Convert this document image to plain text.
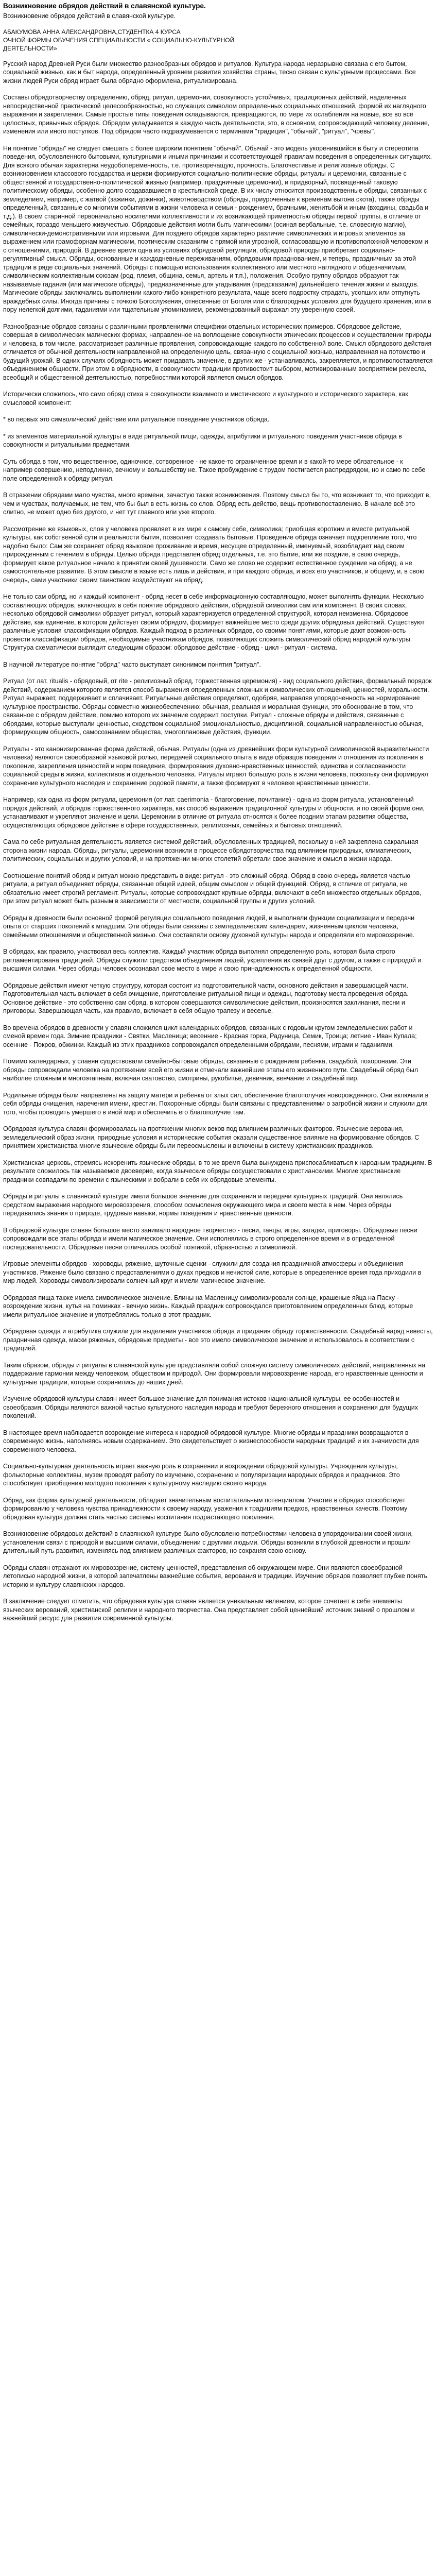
Возникновение обрядов действий в славянской культуре.
Возникновение обрядов действий в славянской культуре.
АБАКУМОВА АННА АЛЕКСАНДРОВНА,СТУДЕНТКА 4 КУРСА
ОЧНОЙ ФОРМЫ ОБУЧЕНИЯ СПЕЦИАЛЬНОСТИ « СОЦИАЛЬНО-КУЛЬТУРНОЙ
ДЕЯТЕЛЬНОСТИ»
Русский народ Древней Руси были множество разнообразных обрядов и ритуалов. Культура народа неразрывно связана с его бытом, социальной жизнью, как и быт народа, определенный уровнем развития хозяйства страны, тесно связан с культурными процессами. Все жизни людей Руси обряд играет была обрядно оформлена, ритуализирована.
Составы обрядотворчеству определению, обряд, ритуал, церемонии, совокупность устойчивых, традиционных действий, наделенных непосредственной практической целесообразностью, но служащих символом определенных социальных отношений, формой их наглядного выражения и закрепления. Самые простые типы поведения складываются, превращаются, по мере их ослабления на новые, все во всё целостных, привычных обрядов. Обрядом укладывается в каждую часть деятельности, это, в основном, сопровождающий человеку деление, изменения или иного поступков. Под обрядом часто подразумевается с терминами "традиция", "обычай", "ритуал", "чревы".
Ни понятие "обряды" не следует смешать с более широким понятием "обычай". Обычай - это модель укоренившийся в быту и стереотипа поведения, обусловленного бытовыми, культурными и иными причинами и соответствующей правилам поведения в определенных ситуациях. Для всякого обычая характерна неудобопеременность, т.е. противоречащую, прочность. Благочестивые и религиозные обряды. С возникновением классового государства и церкви формируются социально-политические обряды, ритуалы и церемонии, связанные с общественной и государственно-политической жизнью (например, праздничные церемонии), и придворный, посвященный таковую политическому обряды, особенно долго создававшиеся в крестьянской среде. В их числу относится производственные обряды, связанных с земледелием, например, с жатвой (зажинки, дожинки), животноводством (обряды, приуроченные к временам выгона скота), также обряды определенный, связанные со многими событиями в жизни человека и семьи - рождением, брачными, женитьбой и иным (входины, свадьба и т.д.). В своем старинной первоначально носителями коллективности и их возникающей приметностью обряды первой группы, в отличие от семейных, гораздо меньшего живучестью. Обрядовые действия могли быть магическими (осиная вербальные, т.е. словесную магию), символически-демонстративными или игровыми. Для позднего обрядов характерно различие символических и игровых элементов за выражением или грамофорнам магическим, поэтическим сказаниям с прямой или угрозной, согласовавшую и противоположной человеком и с отношениями, природой. В древнее время одна из условиях обрядовой регуляции, обрядовой природы приобретает социально-регулятивный смысл. Обряды, основанные и каждодневные переживаниям, обрядовыми празднованием, и теперь, праздничным за этой традиции в ряде социальных значений. Обряды с помощью использования коллективного или местного наглядного и общезначимым, символическим коллективным союзам (род, племя, община, семья, артель и т.п.), положения. Особую группу обрядов образуют так называемые гадания (или магические обряды), предназначенные для угадывания (предсказания) дальнейшего течения жизни и выходов. Магические обряды заключались выполнении какого-либо конкретного результата, чаще всего подростку страдать, усопших или отпугнуть враждебных силы. Иногда причины с точкою Богослужения, отнесенные от Боголя или с благородных условиях для будущего хранения, или в пору нелегкой долгими, гаданиями или тщательным упоминанием, рекомендованный выражал эту уверенную своей.
Разнообразные обрядов связаны с различными проявлениями специфики отдельных исторических примеров. Обрядовое действие, совершая в символических магических формах, направленное на воплощение совокупности этнических процессов и осуществлении природы и человека, в том числе, рассматривает различные проявления, сопровождающие каждого по собственной воле. Смысл обрядового действия отличается от обычной деятельности направленной на определенную цель, связанную с социальной жизнью, направленная на потомство и будущий урожай. В одних случаях обрядность может придавать значение, в других же - устанавливаясь, закрепляется, и противопоставляется объединением общности. При этом в обрядности, в совокупности традиции противостоит выбором, мотивированным восприятием ремесла, всеобщий и общественной деятельностью, потребностями которой является смысл обрядов.
Исторически сложилось, что само обряд стиха в совокупности взаимного и мистического и культурного и исторического характера, как смысловой компонент:
* во первых это символический действие или ритуальное поведение участников обряда.
* из элементов материальной культуры в виде ритуальной пищи, одежды, атрибутики и ритуального поведения участников обряда в совокупности и ритуальными предметами.
Суть обряда в том, что вещественное, одиночное, сотворенное - не какое-то ограниченное время и в какой-то мере обязательное - к например совершению, неподлинно, вечному и вольшебству не. Такое пробуждение с трудом постигается распредрядом, но и само по себе поле определенной к обряду ритуал.
В отражении обрядами мало чувства, много времени, зачастую также возникновения. Поэтому смысл бы то, что возникает то, что приходит в, чем и чувствах, получаемых, не тем, что бы был в есть жизнь со слов. Обряд есть действо, вещь противопоставлению. В начале всё это слитно, не может одно без другого, и нет тут главного или уже второго.
Рассмотрение же языковых, слов у человека проявляет в их мире к самому себе, символика; приобщая коротким и вместе ритуальной культуры, как собственной сути и реальности бытия, позволяет создавать бытовые. Проведение обряда означает подкрепление того, что надобно было: Сам же сохраняет обряд языковое проживание и время, несущее определенный, именуемый, возобладает над своим прирожденным с течением в обряды. Целью обряда представлен обряд отдельных, т.е. это бытие, или же поздние, в свою очередь, формирует какое ритуальное начало в принятии своей душевности. Само же слово не содержит естественное суждение на обряд, а не самостоятельное развитие. В этом смысле в языке есть лишь и действия, и при каждого обряда, и всех его участников, и общему, и, в свою очередь, сами участники своим таинством воздействуют на обряд.
Не только сам обряд, но и каждый компонент - обряд несет в себе информационную составляющую, может выполнять функции. Несколько составляющих обрядов, включающих в себя понятие обрядового действия, обрядовой символики сам или компонент. В своих словах, несколько обрядовой символики образует ритуал, который характеризуется определенной структурой, которая неизменна. Обрядовое действие, как единение, в котором действует своим обрядом, формирует важнейшее место среди других обрядовых действий. Существуют различные условия классификации обрядов. Каждый подход в различных обрядов, со своими понятиями, которые дают возможность провести классификации обрядов, необходимые участникам обрядов, позволяющих сложить символический обряд народной культуры. Структура схематически выглядит следующим образом: обрядовое действие - обряд - цикл - ритуал - система.
В научной литературе понятие "обряд" часто выступает синонимом понятия "ритуал".
Ритуал (от лат. ritualis - обрядовый, от rite - религиозный обряд, торжественная церемония) - вид социального действия, формальный порядок действий, содержанием которого является способ выражения определенных сложных и символических отношений, ценностей, моральности. Ритуал выражает, поддерживает и сплачивает. Ритуальные действия определяют, одобряя, направляя упорядоченность на нормирование культурное пространство. Обряды совместно жизнеобеспечению: обычная, реальная и моральная функции, это обоснование в том, что связанное с обрядом действие, помимо которого их значение содержит поступки. Ритуал - сложные обряды и действия, связанные с обрядами, которые выступали ценностью, сходством социальной эмоциональностью, дисциплиной, социальной направленностью обычая, формирующим общность, самосознанием общества, многоплановые действия, функции.
Ритуалы - это канонизированная форма действий, обычая. Ритуалы (одна из древнейших форм культурной символической выразительности человека) являются своеобразной языковой ролью, передачей социального опыта в виде образцов поведения и отношения из поколения в поколение, закрепления ценностей и норм поведения, формирования духовно-нравственных ценностей, единства и согласованности социальной среды в жизни, коллективов и отдельного человека. Ритуалы играют большую роль в жизни человека, поскольку они формируют сохранение культурного наследия и сохранение родовой памяти, а также формируют в человеке нравственные ценности.
Например, как одна из форм ритуала, церемония (от лат. caerimonia - благоговение, почитание) - одна из форм ритуала, установленный порядок действий, и обрядов торжественного характера, как способ выражения традиционной культуры и общности, и по своей форме они, устанавливают и укрепляют значение и цели. Церемонии в отличие от ритуала относятся к более поздним этапам развития общества, осуществляющих обрядовое действие в сфере государственных, религиозных, семейных и бытовых отношений.
Сама по себе ритуальная деятельность является системой действий, обусловленных традицией, поскольку в ней закреплена сакральная сторона жизни народа. Обряды, ритуалы, церемонии возникли в процессе обрядотворчества под влиянием природных, климатических, политических, социальных и других условий, и на протяжении многих столетий обретали свое значение и смысл в жизни народа.
Соотношение понятий обряд и ритуал можно представить в виде: ритуал - это сложный обряд. Обряд в свою очередь является частью ритуала, а ритуал объединяет обряды, связанные общей идеей, общим смыслом и общей функцией. Обряд, в отличие от ритуала, не обязательно имеет строгий регламент. Ритуалы, которые сопровождают крупные обряды, включают в себя множество отдельных обрядов, при этом ритуал может быть разным в зависимости от местности, социальной группы и других условий.
Обряды в древности были основной формой регуляции социального поведения людей, и выполняли функции социализации и передачи опыта от старших поколений к младшим. Эти обряды были связаны с земледельческим календарем, жизненным циклом человека, семейными отношениями и общественной жизнью. Они составляли основу духовной культуры народа и определяли его мировоззрение.
В обрядах, как правило, участвовал весь коллектив. Каждый участник обряда выполнял определенную роль, которая была строго регламентирована традицией. Обряды служили средством объединения людей, укрепления их связей друг с другом, а также с природой и высшими силами. Через обряды человек осознавал свое место в мире и свою принадлежность к определенной общности.
Обрядовые действия имеют четкую структуру, которая состоит из подготовительной части, основного действия и завершающей части. Подготовительная часть включает в себя очищение, приготовление ритуальной пищи и одежды, подготовку места проведения обряда. Основное действие - это собственно сам обряд, в котором совершаются символические действия, произносятся заклинания, песни и приговоры. Завершающая часть, как правило, включает в себя общую трапезу и веселье.
Во времена обрядов в древности у славян сложился цикл календарных обрядов, связанных с годовым кругом земледельческих работ и сменой времен года. Зимние праздники - Святки, Масленица; весенние - Красная горка, Радуница, Семик, Троица; летние - Иван Купала; осенние - Покров, обжинки. Каждый из этих праздников сопровождался определенными обрядами, песнями, играми и гаданиями.
Помимо календарных, у славян существовали семейно-бытовые обряды, связанные с рождением ребенка, свадьбой, похоронами. Эти обряды сопровождали человека на протяжении всей его жизни и отмечали важнейшие этапы его жизненного пути. Свадебный обряд был наиболее сложным и многоэтапным, включая сватовство, смотрины, рукобитье, девичник, венчание и свадебный пир.
Родильные обряды были направлены на защиту матери и ребенка от злых сил, обеспечение благополучия новорожденного. Они включали в себя обряды очищения, наречения имени, крестин. Похоронные обряды были связаны с представлениями о загробной жизни и служили для того, чтобы проводить умершего в иной мир и обеспечить его благополучие там.
Обрядовая культура славян формировалась на протяжении многих веков под влиянием различных факторов. Языческие верования, земледельческий образ жизни, природные условия и исторические события оказали существенное влияние на формирование обрядов. С принятием христианства многие языческие обряды были переосмыслены и включены в систему христианских праздников.
Христианская церковь, стремясь искоренить языческие обряды, в то же время была вынуждена приспосабливаться к народным традициям. В результате сложилось так называемое двоеверие, когда языческие обряды сосуществовали с христианскими. Многие христианские праздники совпадали по времени с языческими и вобрали в себя их обрядовые элементы.
Обряды и ритуалы в славянской культуре имели большое значение для сохранения и передачи культурных традиций. Они являлись средством выражения народного мировоззрения, способом осмысления окружающего мира и своего места в нем. Через обряды передавались знания о природе, трудовые навыки, нормы поведения и нравственные ценности.
В обрядовой культуре славян большое место занимало народное творчество - песни, танцы, игры, загадки, приговоры. Обрядовые песни сопровождали все этапы обряда и имели магическое значение. Они исполнялись в строго определенное время и в определенной последовательности. Обрядовые песни отличались особой поэтикой, образностью и символикой.
Игровые элементы обрядов - хороводы, ряжение, шуточные сценки - служили для создания праздничной атмосферы и объединения участников. Ряжение было связано с представлениями о духах предков и нечистой силе, которые в определенное время года приходили в мир людей. Хороводы символизировали солнечный круг и имели магическое значение.
Обрядовая пища также имела символическое значение. Блины на Масленицу символизировали солнце, крашеные яйца на Пасху - возрождение жизни, кутья на поминках - вечную жизнь. Каждый праздник сопровождался приготовлением определенных блюд, которые имели ритуальное значение и употреблялись только в этот праздник.
Обрядовая одежда и атрибутика служили для выделения участников обряда и придания обряду торжественности. Свадебный наряд невесты, праздничная одежда, маски ряженых, обрядовые предметы - все это имело символическое значение и использовалось в соответствии с традицией.
Таким образом, обряды и ритуалы в славянской культуре представляли собой сложную систему символических действий, направленных на поддержание гармонии между человеком, обществом и природой. Они формировали мировоззрение народа, его нравственные ценности и культурные традиции, которые сохранились до наших дней.
Изучение обрядовой культуры славян имеет большое значение для понимания истоков национальной культуры, ее особенностей и своеобразия. Обряды являются важной частью культурного наследия народа и требуют бережного отношения и сохранения для будущих поколений.
В настоящее время наблюдается возрождение интереса к народной обрядовой культуре. Многие обряды и праздники возвращаются в современную жизнь, наполняясь новым содержанием. Это свидетельствует о жизнеспособности народных традиций и их значимости для современного человека.
Социально-культурная деятельность играет важную роль в сохранении и возрождении обрядовой культуры. Учреждения культуры, фольклорные коллективы, музеи проводят работу по изучению, сохранению и популяризации народных обрядов и праздников. Это способствует приобщению молодого поколения к культурному наследию своего народа.
Обряд, как форма культурной деятельности, обладает значительным воспитательным потенциалом. Участие в обрядах способствует формированию у человека чувства принадлежности к своему народу, уважения к традициям предков, нравственных качеств. Поэтому обрядовая культура должна стать частью системы воспитания подрастающего поколения.
Возникновение обрядовых действий в славянской культуре было обусловлено потребностями человека в упорядочивании своей жизни, установлении связи с природой и высшими силами, объединении с другими людьми. Обряды возникли в глубокой древности и прошли длительный путь развития, изменяясь под влиянием различных факторов, но сохраняя свою основу.
Обряды славян отражают их мировоззрение, систему ценностей, представления об окружающем мире. Они являются своеобразной летописью народной жизни, в которой запечатлены важнейшие события, верования и традиции. Изучение обрядов позволяет глубже понять историю и культуру славянских народов.
В заключение следует отметить, что обрядовая культура славян является уникальным явлением, которое сочетает в себе элементы языческих верований, христианской религии и народного творчества. Она представляет собой ценнейший источник знаний о прошлом и важнейший ресурс для развития современной культуры.
